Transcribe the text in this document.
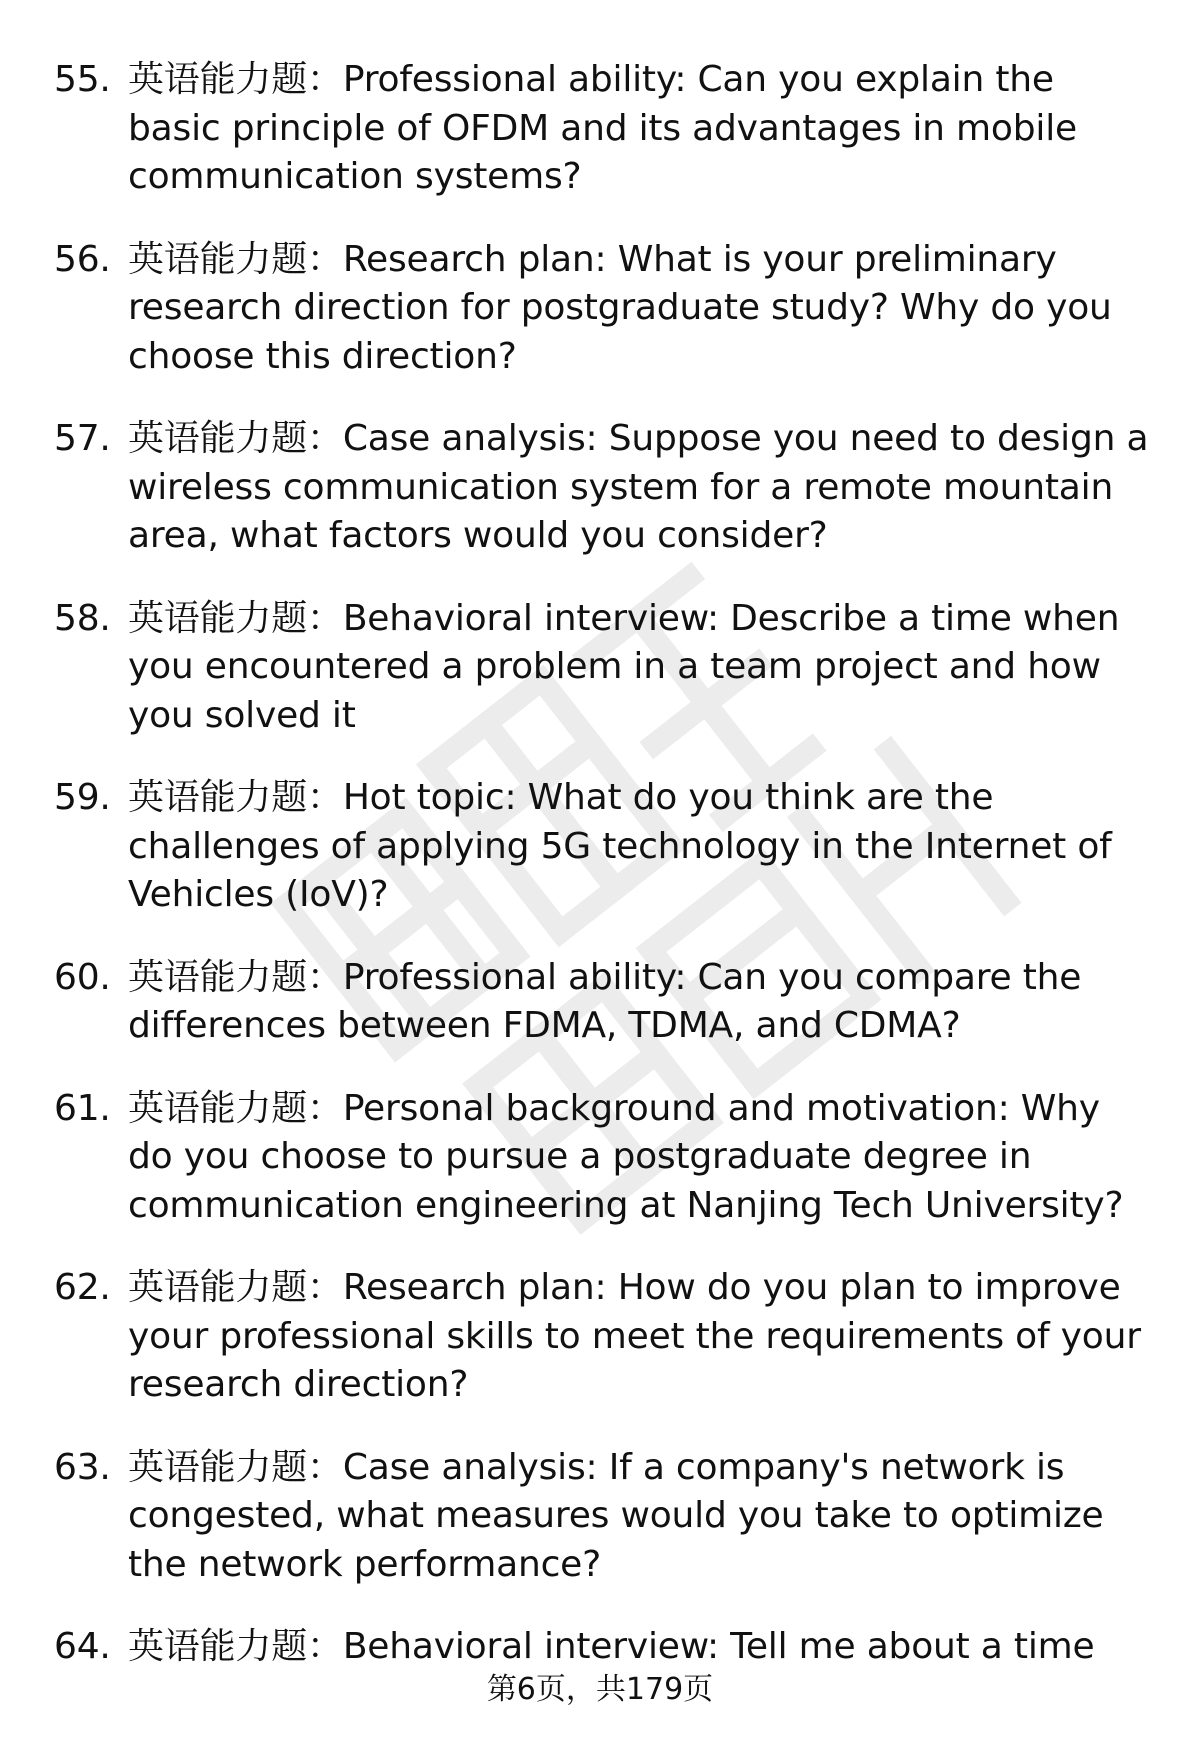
55. 英语能力题：Professional ability: Can you explain the basic principle of OFDM and its advantages in mobile communication systems?
56. 英语能力题：Research plan: What is your preliminary research direction for postgraduate study? Why do you choose this direction?
57. 英语能力题：Case analysis: Suppose you need to design a wireless communication system for a remote mountain area, what factors would you consider?
58. 英语能力题：Behavioral interview: Describe a time when you encountered a problem in a team project and how you solved it
59. 英语能力题：Hot topic: What do you think are the challenges of applying 5G technology in the Internet of Vehicles (IoV)?
60. 英语能力题：Professional ability: Can you compare the differences between FDMA, TDMA, and CDMA?
61. 英语能力题：Personal background and motivation: Why do you choose to pursue a postgraduate degree in communication engineering at Nanjing Tech University?
62. 英语能力题：Research plan: How do you plan to improve your professional skills to meet the requirements of your research direction?
63. 英语能力题：Case analysis: If a company's network is congested, what measures would you take to optimize the network performance?
64. 英语能力题：Behavioral interview: Tell me about a time
第6页，共179页
